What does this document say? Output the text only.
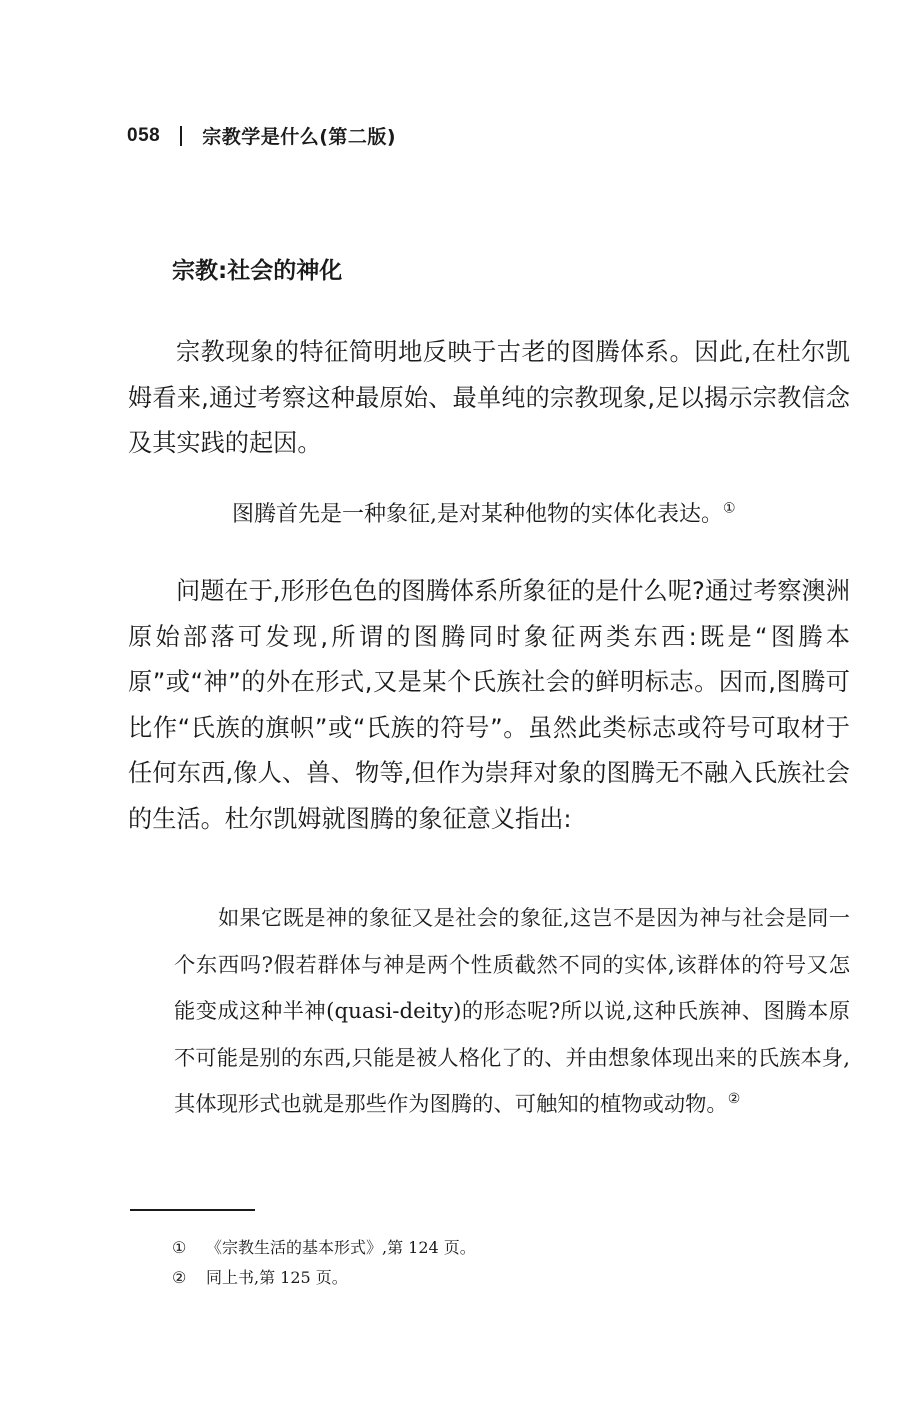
058 宗教学是什么(第二版)
宗教:社会的神化
宗教现象的特征简明地反映于古老的图腾体系。因此,在杜尔凯姆看来,通过考察这种最原始、最单纯的宗教现象,足以揭示宗教信念及其实践的起因。
图腾首先是一种象征,是对某种他物的实体化表达。①
问题在于,形形色色的图腾体系所象征的是什么呢?通过考察澳洲原始部落可发现,所谓的图腾同时象征两类东西:既是“图腾本原”或“神”的外在形式,又是某个氏族社会的鲜明标志。因而,图腾可比作“氏族的旗帜”或“氏族的符号”。虽然此类标志或符号可取材于任何东西,像人、兽、物等,但作为崇拜对象的图腾无不融入氏族社会的生活。杜尔凯姆就图腾的象征意义指出:
如果它既是神的象征又是社会的象征,这岂不是因为神与社会是同一个东西吗?假若群体与神是两个性质截然不同的实体,该群体的符号又怎能变成这种半神(quasi-deity)的形态呢?所以说,这种氏族神、图腾本原不可能是别的东西,只能是被人格化了的、并由想象体现出来的氏族本身,其体现形式也就是那些作为图腾的、可触知的植物或动物。②
①	《宗教生活的基本形式》,第 124 页。
②	同上书,第 125 页。
